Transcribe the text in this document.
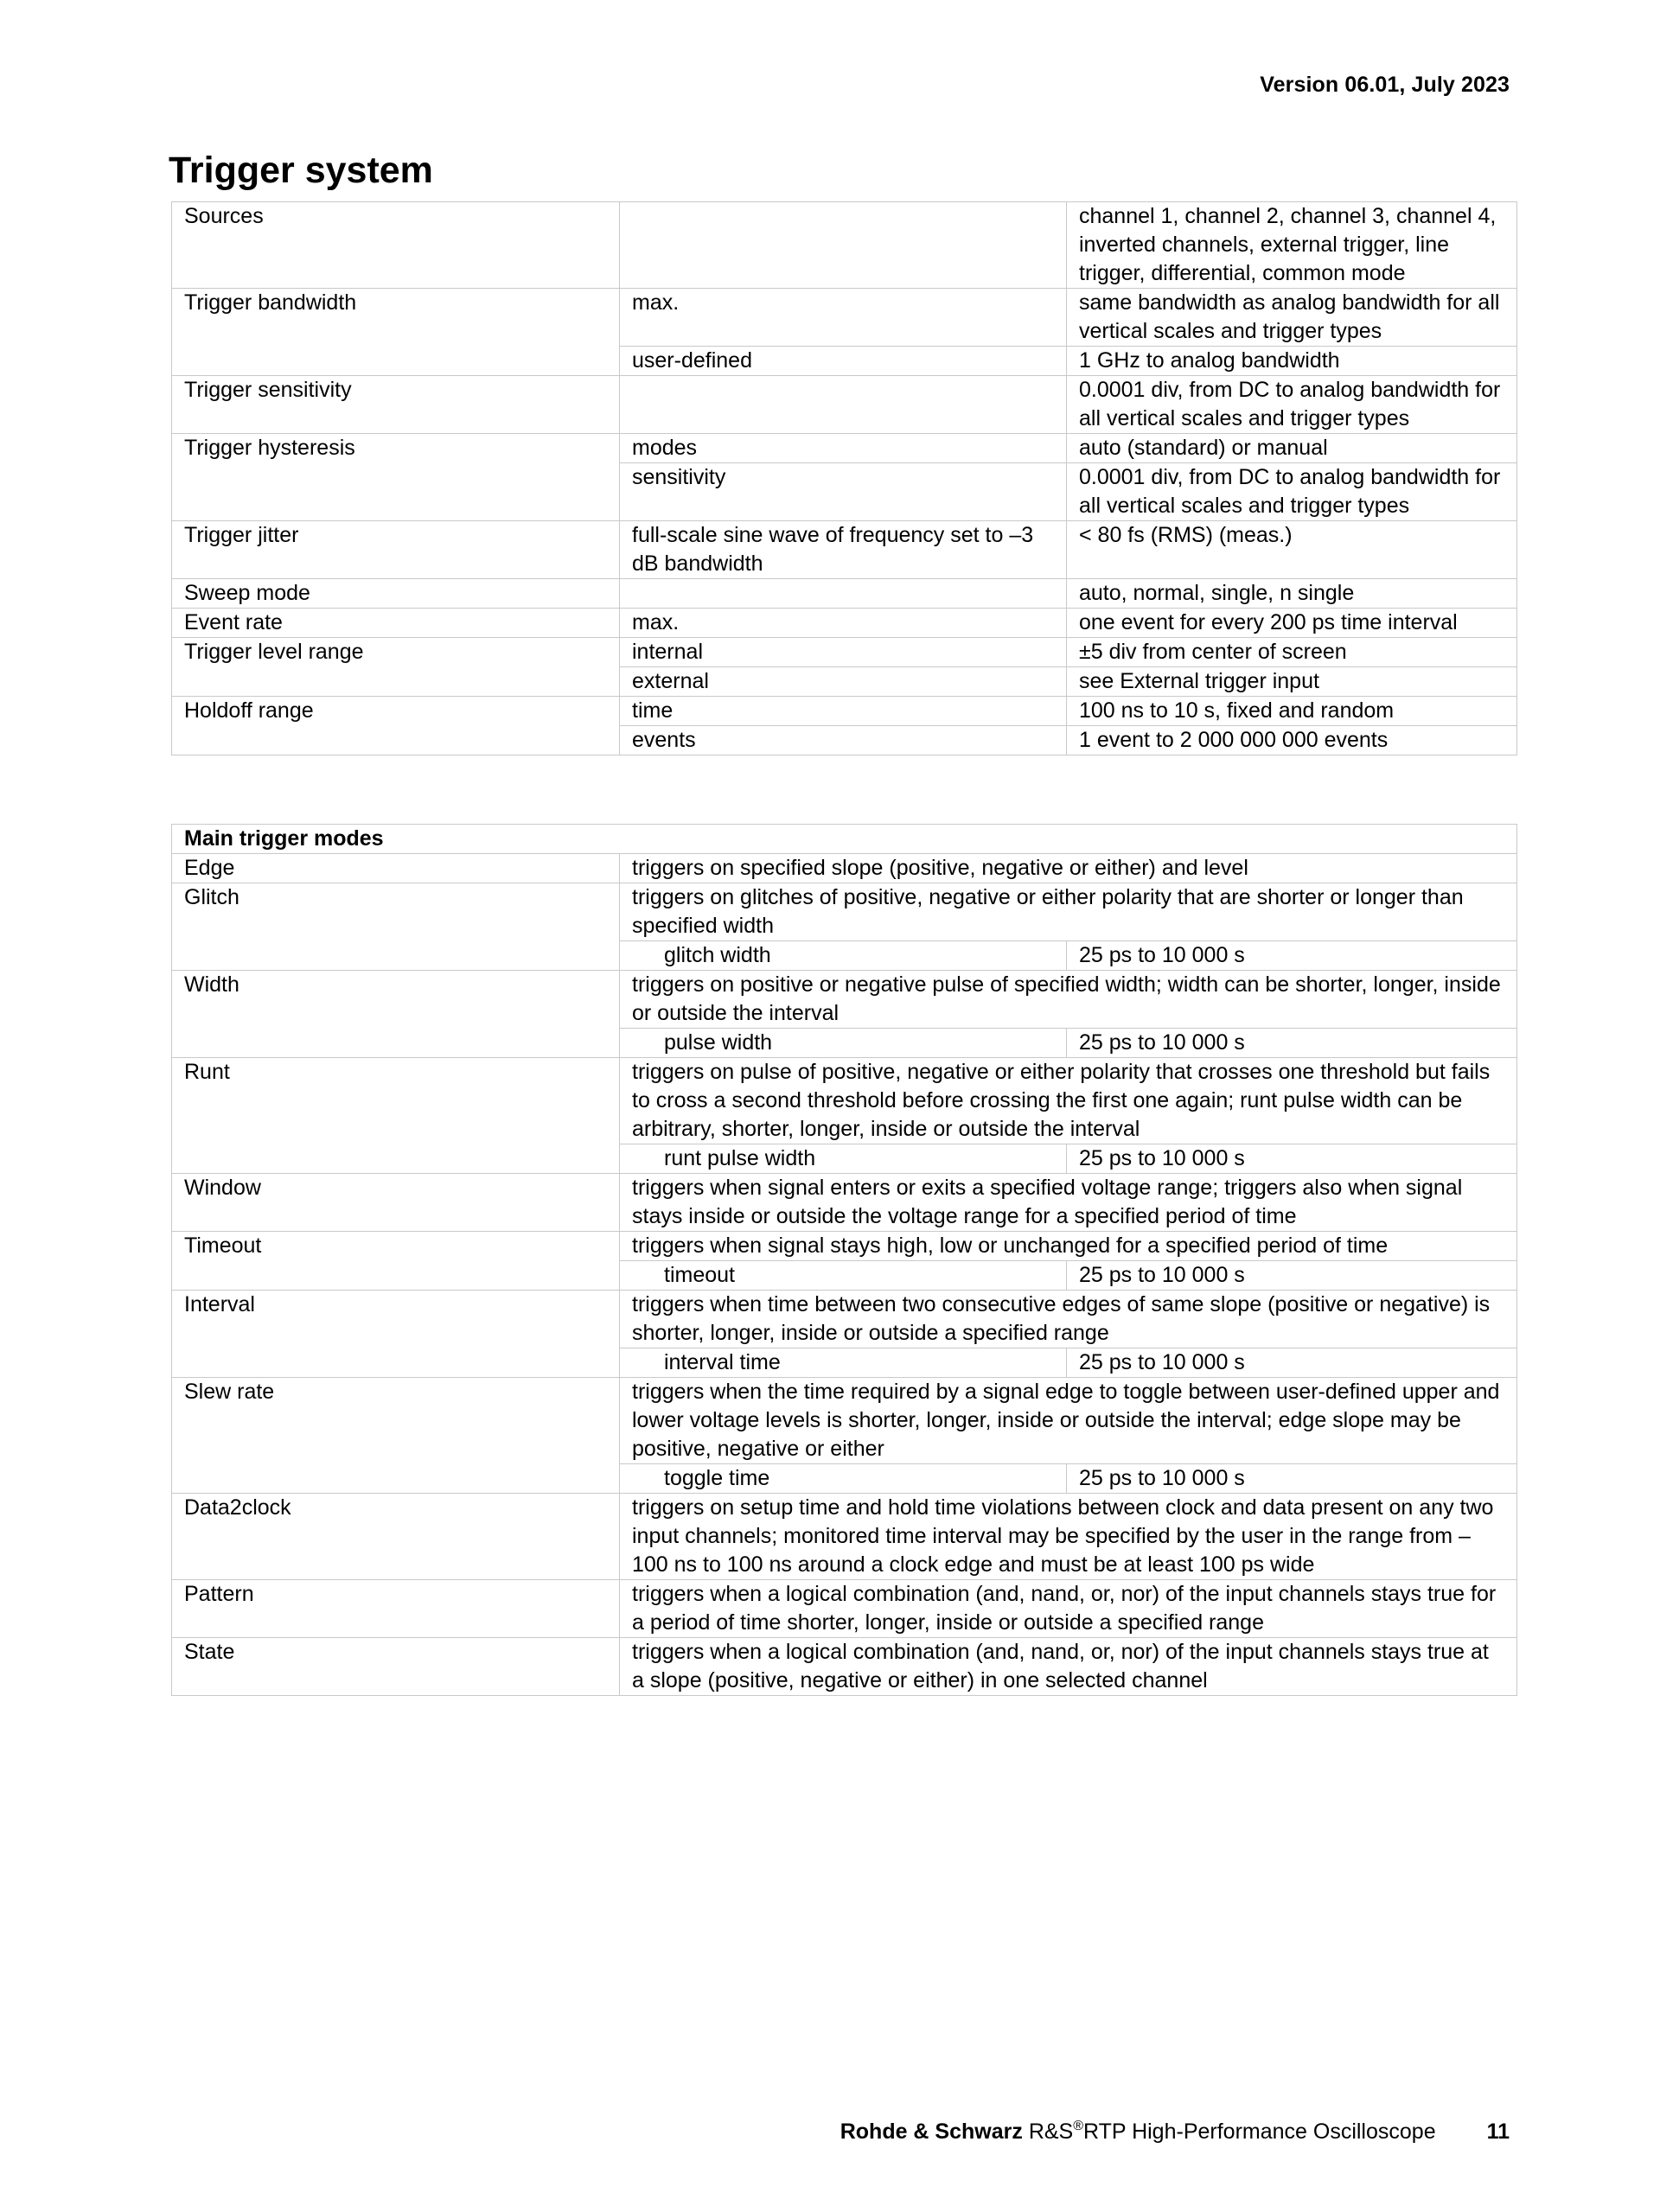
Version 06.01, July 2023
Trigger system
Sources		channel 1, channel 2, channel 3, channel 4, inverted channels, external trigger, line trigger, differential, common mode
Trigger bandwidth	max.	same bandwidth as analog bandwidth for all vertical scales and trigger types
	user-defined	1 GHz to analog bandwidth
Trigger sensitivity		0.0001 div, from DC to analog bandwidth for all vertical scales and trigger types
Trigger hysteresis	modes	auto (standard) or manual
	sensitivity	0.0001 div, from DC to analog bandwidth for all vertical scales and trigger types
Trigger jitter	full-scale sine wave of frequency set to –3 dB bandwidth	< 80 fs (RMS) (meas.)
Sweep mode		auto, normal, single, n single
Event rate	max.	one event for every 200 ps time interval
Trigger level range	internal	±5 div from center of screen
	external	see External trigger input
Holdoff range	time	100 ns to 10 s, fixed and random
	events	1 event to 2 000 000 000 events
Main trigger modes		
Edge	triggers on specified slope (positive, negative or either) and level	
Glitch	triggers on glitches of positive, negative or either polarity that are shorter or longer than specified width	
	glitch width	25 ps to 10 000 s
Width	triggers on positive or negative pulse of specified width; width can be shorter, longer, inside or outside the interval	
	pulse width	25 ps to 10 000 s
Runt	triggers on pulse of positive, negative or either polarity that crosses one threshold but fails to cross a second threshold before crossing the first one again; runt pulse width can be arbitrary, shorter, longer, inside or outside the interval	
	runt pulse width	25 ps to 10 000 s
Window	triggers when signal enters or exits a specified voltage range; triggers also when signal stays inside or outside the voltage range for a specified period of time	
Timeout	triggers when signal stays high, low or unchanged for a specified period of time	
	timeout	25 ps to 10 000 s
Interval	triggers when time between two consecutive edges of same slope (positive or negative) is shorter, longer, inside or outside a specified range	
	interval time	25 ps to 10 000 s
Slew rate	triggers when the time required by a signal edge to toggle between user-defined upper and lower voltage levels is shorter, longer, inside or outside the interval; edge slope may be positive, negative or either	
	toggle time	25 ps to 10 000 s
Data2clock	triggers on setup time and hold time violations between clock and data present on any two input channels; monitored time interval may be specified by the user in the range from –100 ns to 100 ns around a clock edge and must be at least 100 ps wide	
Pattern	triggers when a logical combination (and, nand, or, nor) of the input channels stays true for a period of time shorter, longer, inside or outside a specified range	
State	triggers when a logical combination (and, nand, or, nor) of the input channels stays true at a slope (positive, negative or either) in one selected channel	
Rohde & Schwarz R&S®RTP High-Performance Oscilloscope 11
